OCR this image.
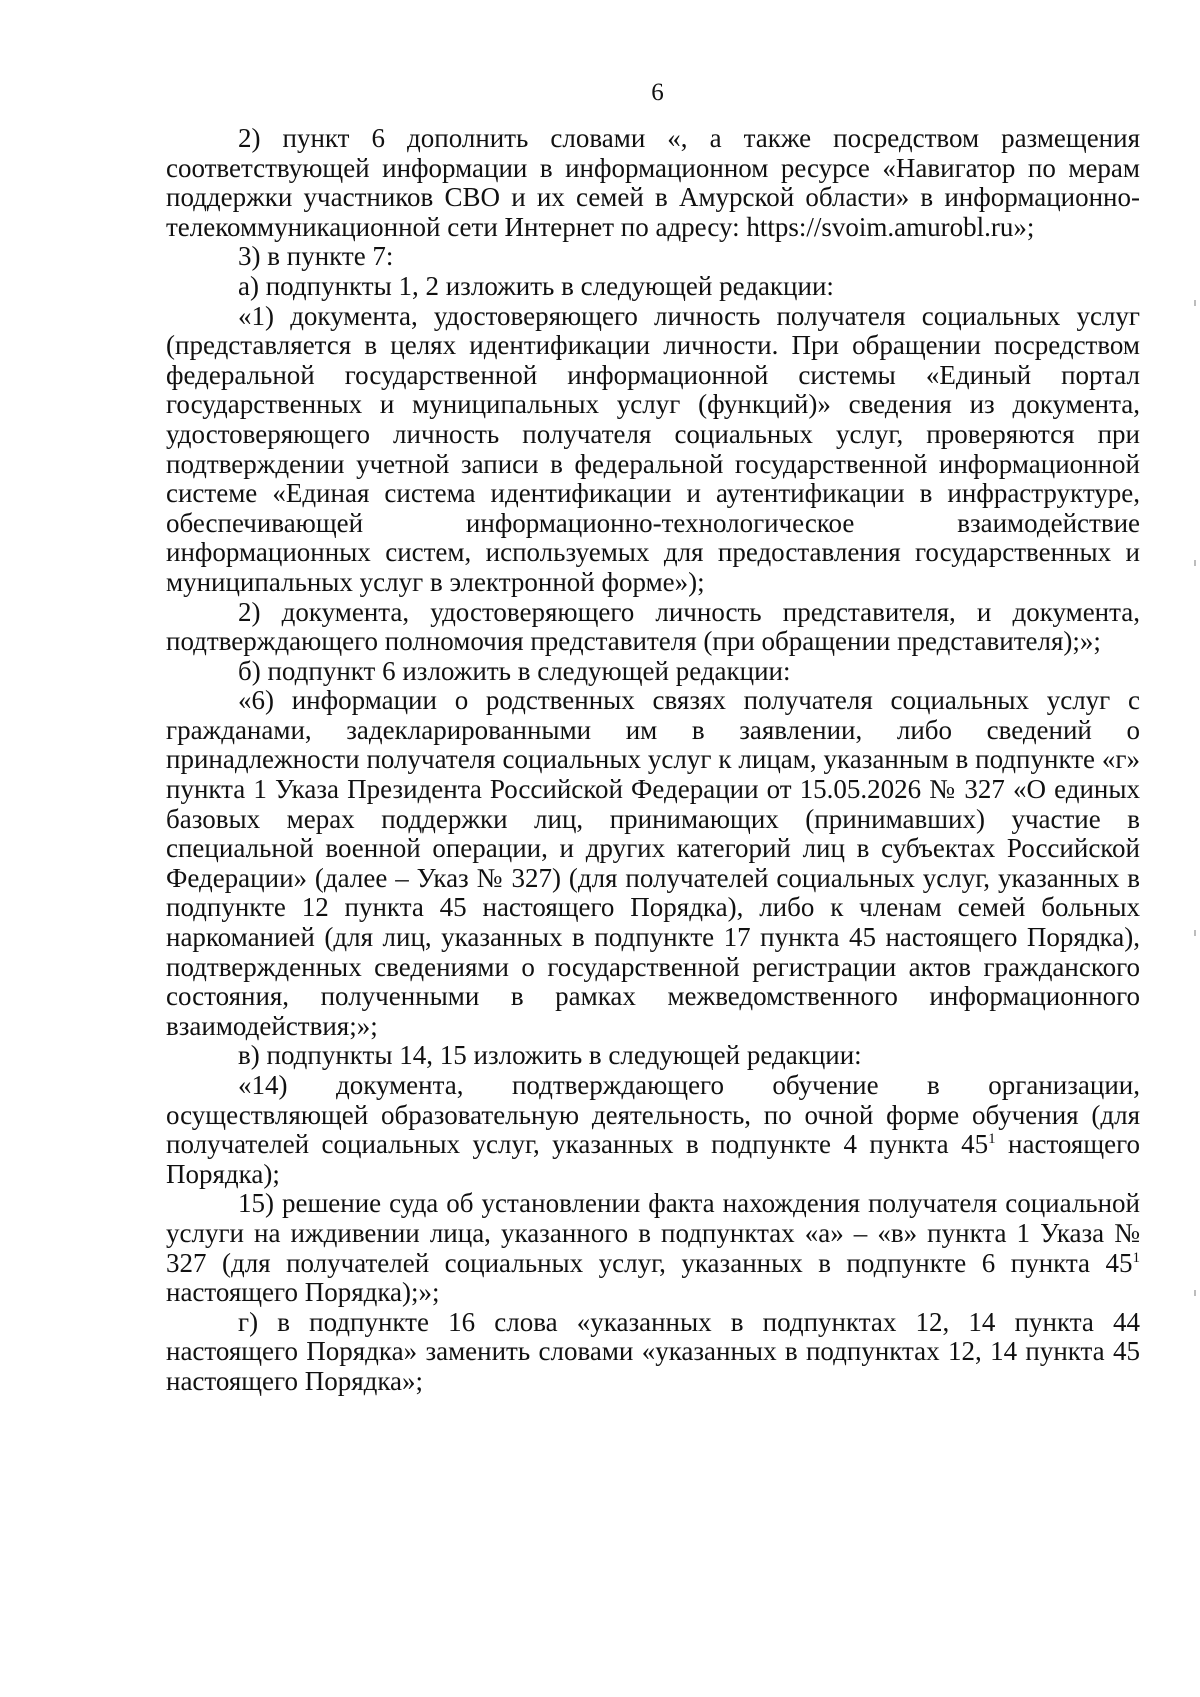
6

2) пункт 6 дополнить словами «, а также посредством размещения соответствующей информации в информационном ресурсе «Навигатор по мерам поддержки участников СВО и их семей в Амурской области» в информационно-телекоммуникационной сети Интернет по адресу: https://svoim.amurobl.ru»;

3) в пункте 7:

а) подпункты 1, 2 изложить в следующей редакции:

«1) документа, удостоверяющего личность получателя социальных услуг (представляется в целях идентификации личности. При обращении посредством федеральной государственной информационной системы «Единый портал государственных и муниципальных услуг (функций)» сведения из документа, удостоверяющего личность получателя социальных услуг, проверяются при подтверждении учетной записи в федеральной государственной информационной системе «Единая система идентификации и аутентификации в инфраструктуре, обеспечивающей информационно-технологическое взаимодействие информационных систем, используемых для предоставления государственных и муниципальных услуг в электронной форме»);

2) документа, удостоверяющего личность представителя, и документа, подтверждающего полномочия представителя (при обращении представителя);»;

б) подпункт 6 изложить в следующей редакции:

«6) информации о родственных связях получателя социальных услуг с гражданами, задекларированными им в заявлении, либо сведений о принадлежности получателя социальных услуг к лицам, указанным в подпункте «г» пункта 1 Указа Президента Российской Федерации от 15.05.2026 № 327 «О единых базовых мерах поддержки лиц, принимающих (принимавших) участие в специальной военной операции, и других категорий лиц в субъектах Российской Федерации» (далее – Указ № 327) (для получателей социальных услуг, указанных в подпункте 12 пункта 45 настоящего Порядка), либо к членам семей больных наркоманией (для лиц, указанных в подпункте 17 пункта 45 настоящего Порядка), подтвержденных сведениями о государственной регистрации актов гражданского состояния, полученными в рамках межведомственного информационного взаимодействия;»;

в) подпункты 14, 15 изложить в следующей редакции:

«14) документа, подтверждающего обучение в организации, осуществляющей образовательную деятельность, по очной форме обучения (для получателей социальных услуг, указанных в подпункте 4 пункта $45^1$ настоящего Порядка);

15) решение суда об установлении факта нахождения получателя социальной услуги на иждивении лица, указанного в подпунктах «а» – «в» пункта 1 Указа № 327 (для получателей социальных услуг, указанных в подпункте 6 пункта $45^1$ настоящего Порядка);»;

г) в подпункте 16 слова «указанных в подпунктах 12, 14 пункта 44 настоящего Порядка» заменить словами «указанных в подпунктах 12, 14 пункта 45 настоящего Порядка»;
